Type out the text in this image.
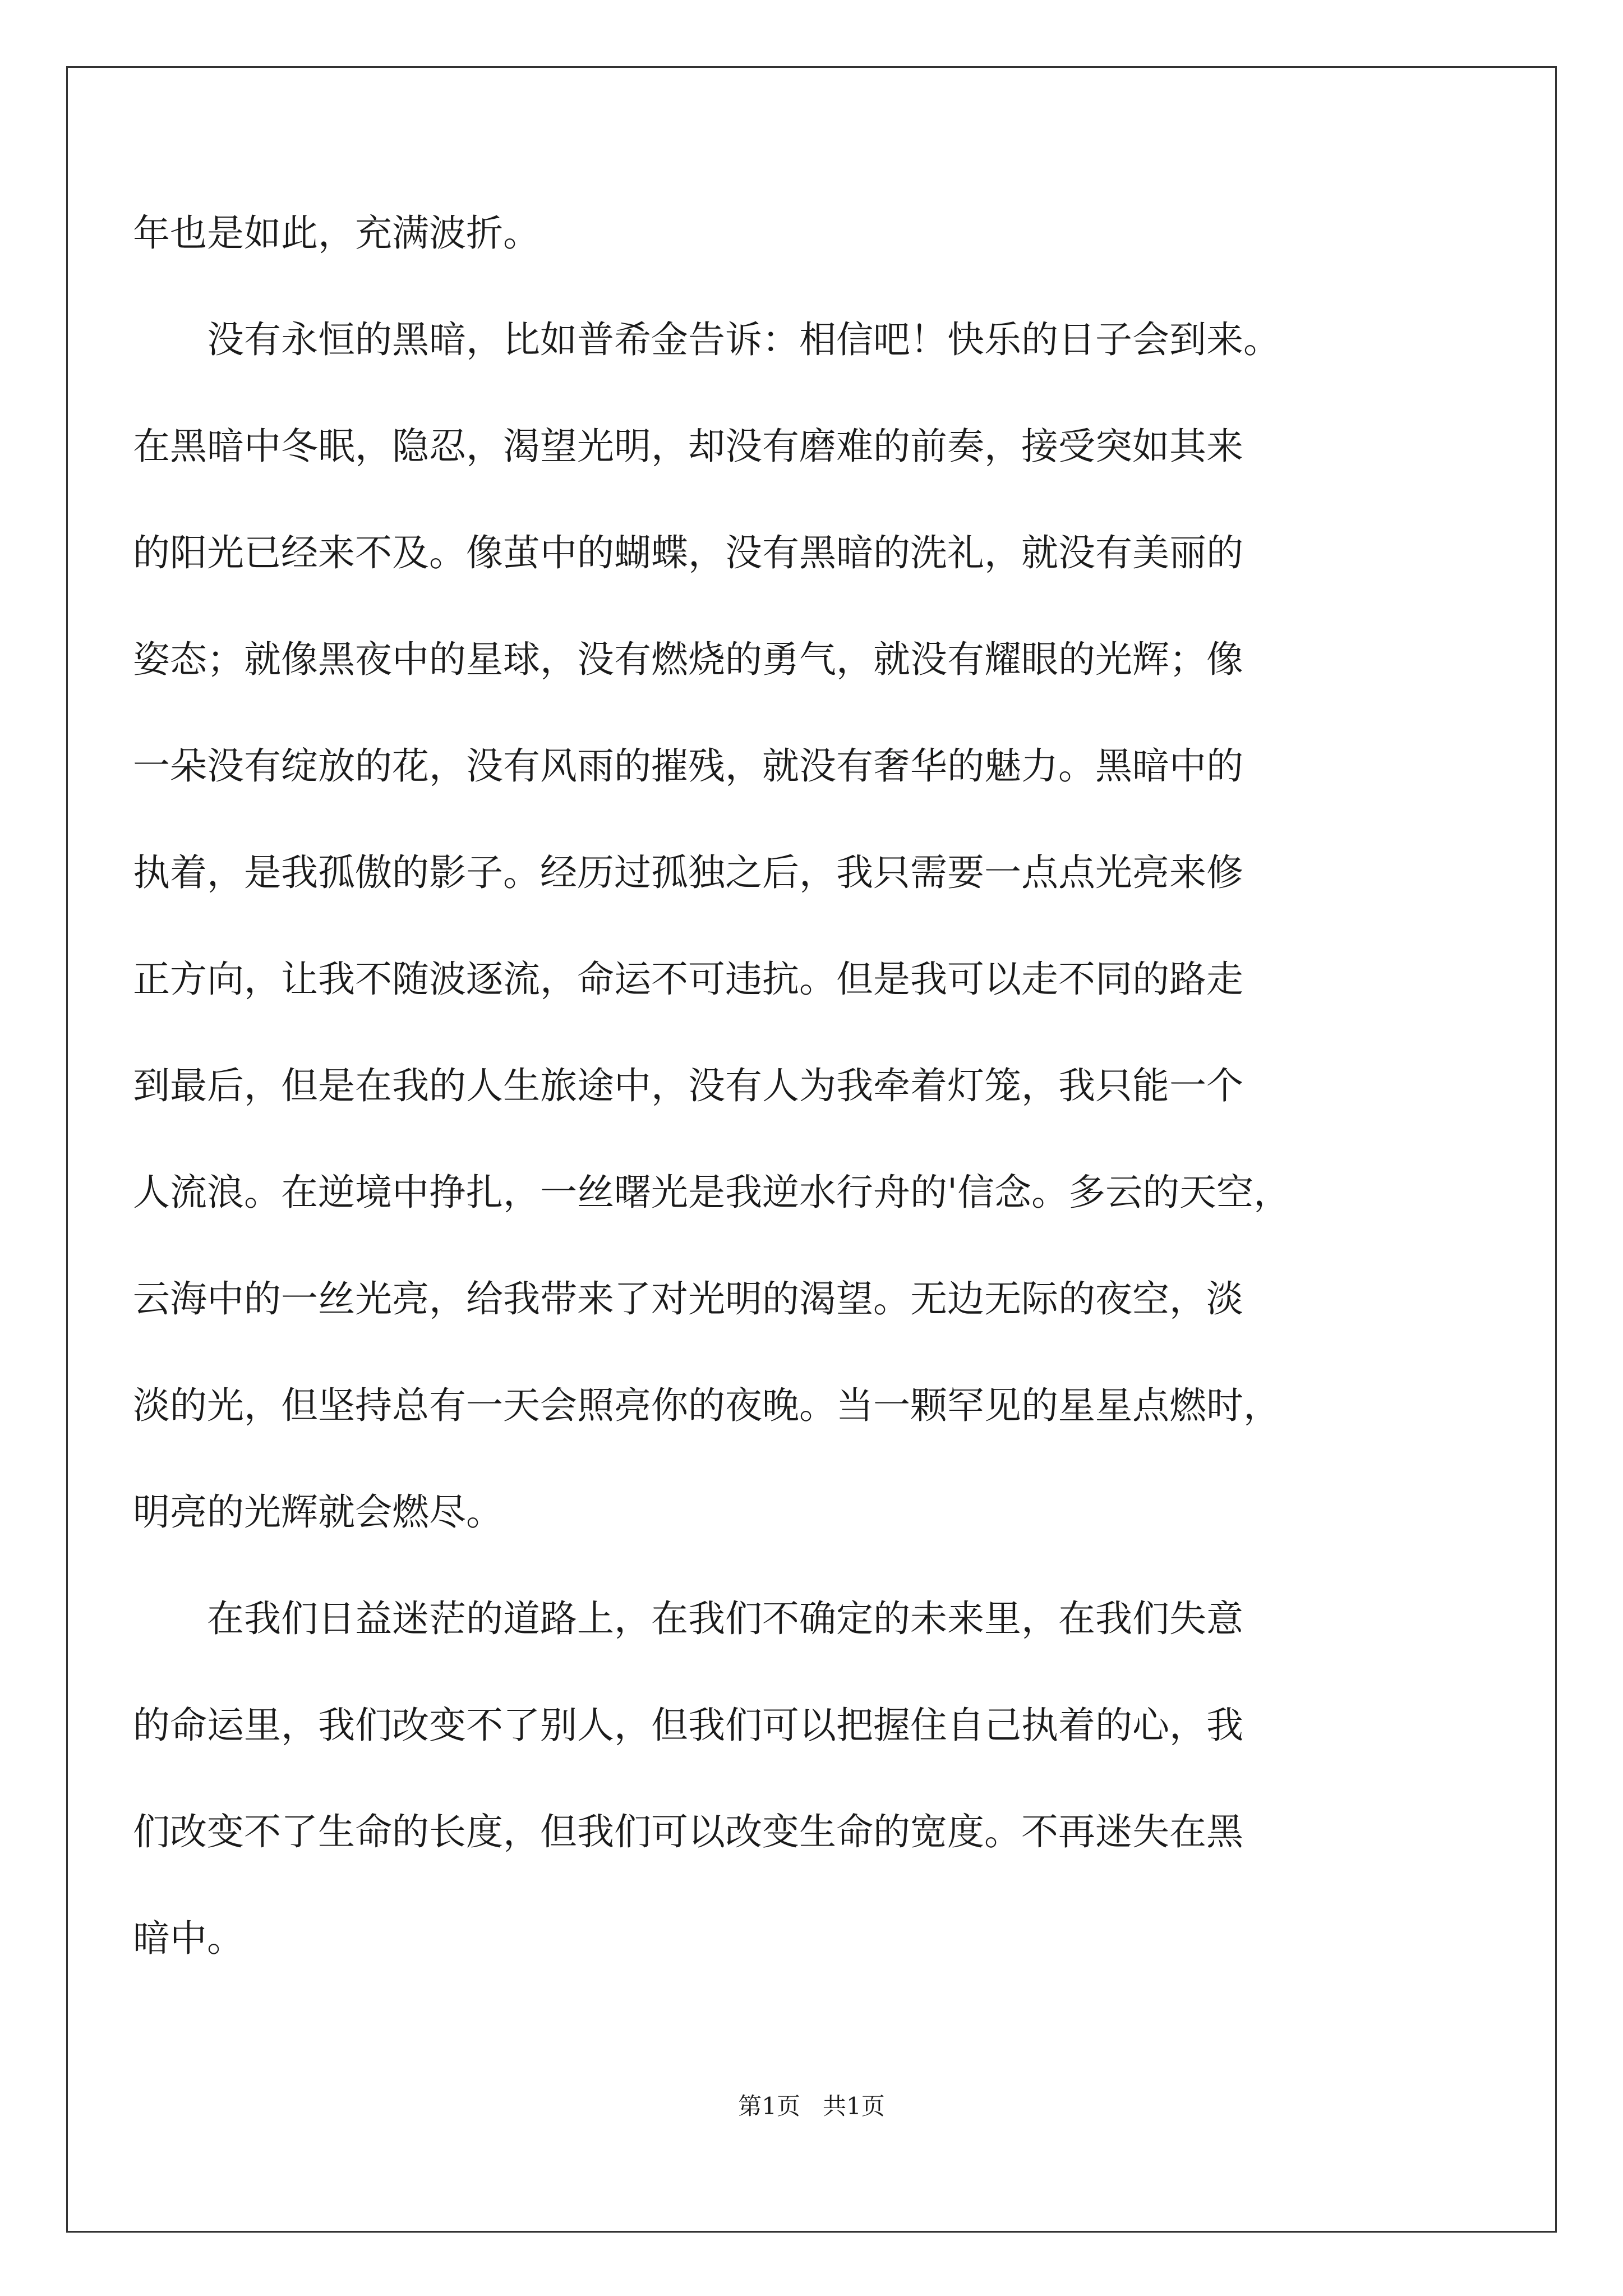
年也是如此，充满波折。
　　没有永恒的黑暗，比如普希金告诉：相信吧！快乐的日子会到来。
在黑暗中冬眠，隐忍，渴望光明，却没有磨难的前奏，接受突如其来
的阳光已经来不及。像茧中的蝴蝶，没有黑暗的洗礼，就没有美丽的
姿态；就像黑夜中的星球，没有燃烧的勇气，就没有耀眼的光辉；像
一朵没有绽放的花，没有风雨的摧残，就没有奢华的魅力。黑暗中的
执着，是我孤傲的影子。经历过孤独之后，我只需要一点点光亮来修
正方向，让我不随波逐流，命运不可违抗。但是我可以走不同的路走
到最后，但是在我的人生旅途中，没有人为我牵着灯笼，我只能一个
人流浪。在逆境中挣扎，一丝曙光是我逆水行舟的'信念。多云的天空，
云海中的一丝光亮，给我带来了对光明的渴望。无边无际的夜空，淡
淡的光，但坚持总有一天会照亮你的夜晚。当一颗罕见的星星点燃时，
明亮的光辉就会燃尽。
　　在我们日益迷茫的道路上，在我们不确定的未来里，在我们失意
的命运里，我们改变不了别人，但我们可以把握住自己执着的心，我
们改变不了生命的长度，但我们可以改变生命的宽度。不再迷失在黑
暗中。
第1页 共1页
